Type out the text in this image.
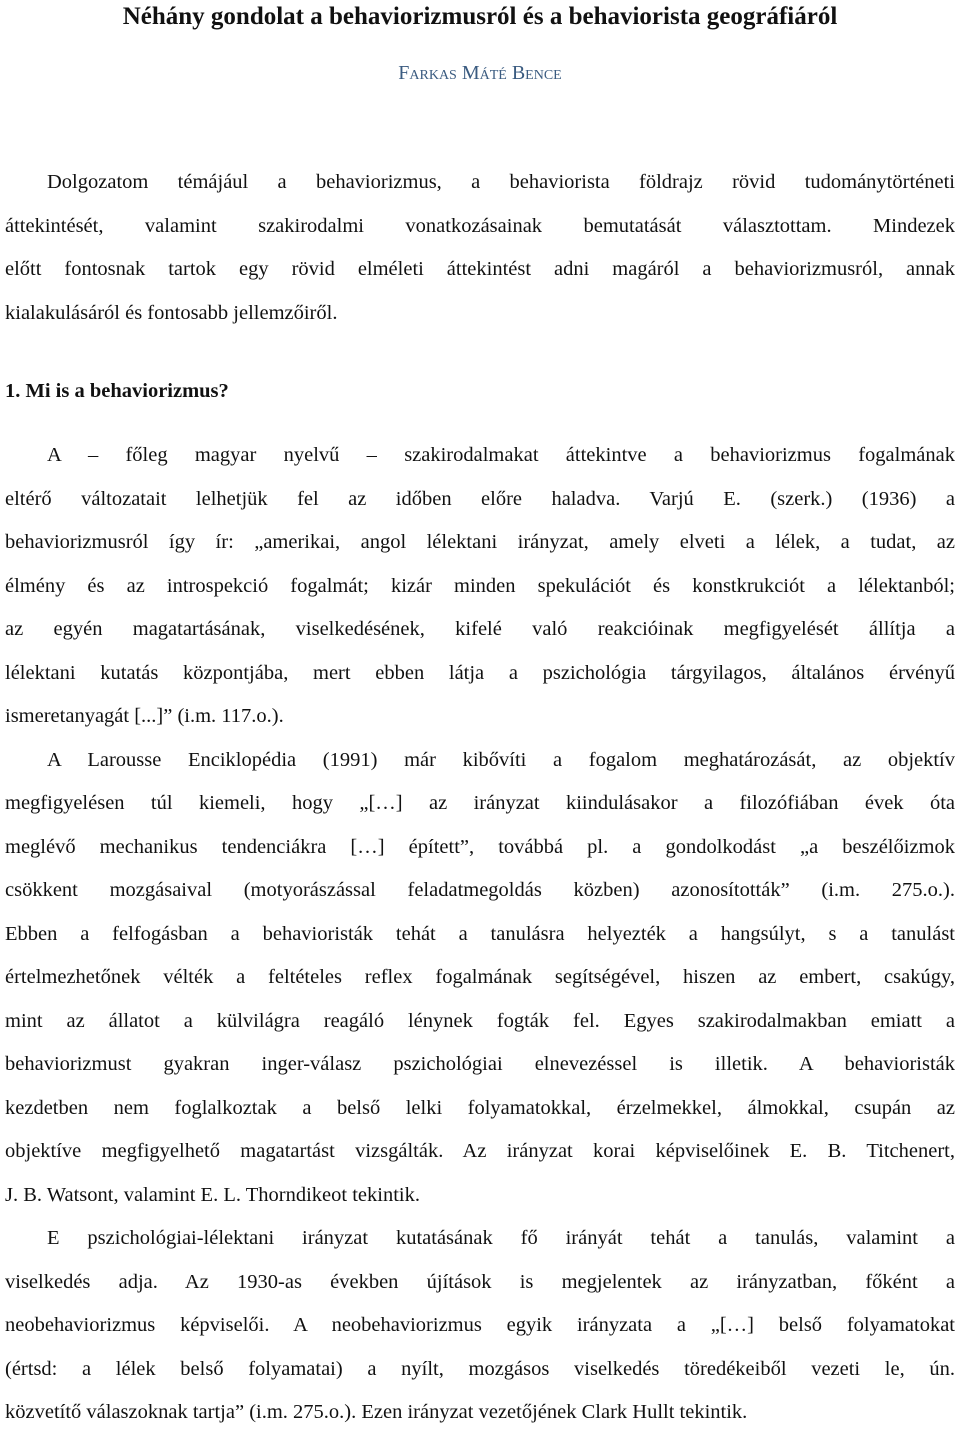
Néhány gondolat a behaviorizmusról és a behaviorista geográfiáról

Farkas Máté Bence

Dolgozatom témájául a behaviorizmus, a behaviorista földrajz rövid tudománytörténeti
áttekintését, valamint szakirodalmi vonatkozásainak bemutatását választottam. Mindezek
előtt fontosnak tartok egy rövid elméleti áttekintést adni magáról a behaviorizmusról, annak
kialakulásáról és fontosabb jellemzőiről.
1. Mi is a behaviorizmus?
A – főleg magyar nyelvű – szakirodalmakat áttekintve a behaviorizmus fogalmának
eltérő változatait lelhetjük fel az időben előre haladva. Varjú E. (szerk.) (1936) a
behaviorizmusról így ír: „amerikai, angol lélektani irányzat, amely elveti a lélek, a tudat, az
élmény és az introspekció fogalmát; kizár minden spekulációt és konstkrukciót a lélektanból;
az egyén magatartásának, viselkedésének, kifelé való reakcióinak megfigyelését állítja a
lélektani kutatás központjába, mert ebben látja a pszichológia tárgyilagos, általános érvényű
ismeretanyagát [...]” (i.m. 117.o.).
A Larousse Enciklopédia (1991) már kibővíti a fogalom meghatározását, az objektív
megfigyelésen túl kiemeli, hogy „[…] az irányzat kiindulásakor a filozófiában évek óta
meglévő mechanikus tendenciákra […] épített”, továbbá pl. a gondolkodást „a beszélőizmok
csökkent mozgásaival (motyorászással feladatmegoldás közben) azonosították” (i.m. 275.o.).
Ebben a felfogásban a behavioristák tehát a tanulásra helyezték a hangsúlyt, s a tanulást
értelmezhetőnek vélték a feltételes reflex fogalmának segítségével, hiszen az embert, csakúgy,
mint az állatot a külvilágra reagáló lénynek fogták fel. Egyes szakirodalmakban emiatt a
behaviorizmust gyakran inger-válasz pszichológiai elnevezéssel is illetik. A behavioristák
kezdetben nem foglalkoztak a belső lelki folyamatokkal, érzelmekkel, álmokkal, csupán az
objektíve megfigyelhető magatartást vizsgálták. Az irányzat korai képviselőinek E. B. Titchenert,
J. B. Watsont, valamint E. L. Thorndikeot tekintik.
E pszichológiai-lélektani irányzat kutatásának fő irányát tehát a tanulás, valamint a
viselkedés adja. Az 1930-as években újítások is megjelentek az irányzatban, főként a
neobehaviorizmus képviselői. A neobehaviorizmus egyik irányzata a „[…] belső folyamatokat
(értsd: a lélek belső folyamatai) a nyílt, mozgásos viselkedés töredékeiből vezeti le, ún.
közvetítő válaszoknak tartja” (i.m. 275.o.). Ezen irányzat vezetőjének Clark Hullt tekintik.
